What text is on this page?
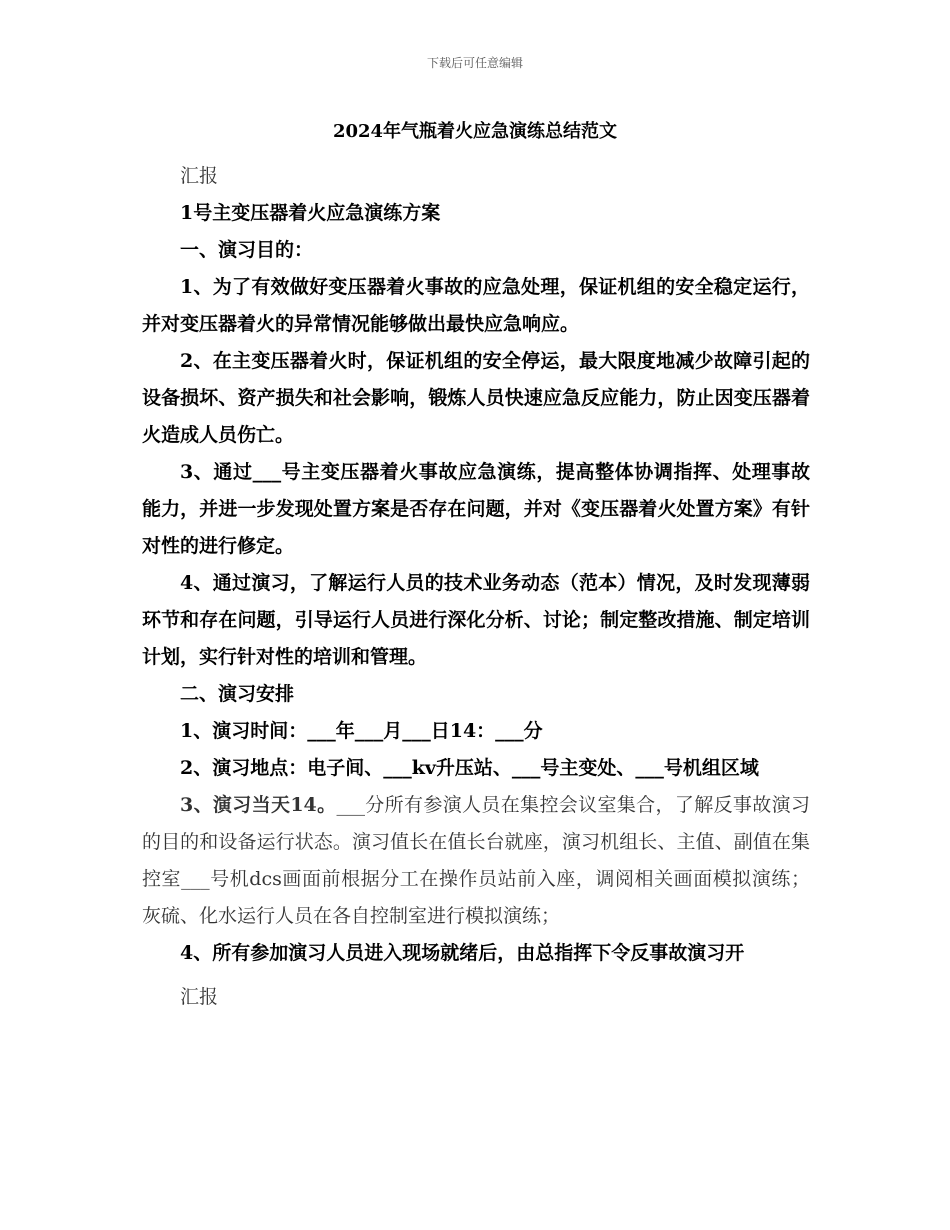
下载后可任意编辑
2024年气瓶着火应急演练总结范文

汇报

1号主变压器着火应急演练方案

一、演习目的：

1、为了有效做好变压器着火事故的应急处理，保证机组的安全稳定运行，并对变压器着火的异常情况能够做出最快应急响应。

2、在主变压器着火时，保证机组的安全停运，最大限度地减少故障引起的设备损坏、资产损失和社会影响，锻炼人员快速应急反应能力，防止因变压器着火造成人员伤亡。

3、通过___号主变压器着火事故应急演练，提高整体协调指挥、处理事故能力，并进一步发现处置方案是否存在问题，并对《变压器着火处置方案》有针对性的进行修定。

4、通过演习，了解运行人员的技术业务动态（范本）情况，及时发现薄弱环节和存在问题，引导运行人员进行深化分析、讨论；制定整改措施、制定培训计划，实行针对性的培训和管理。

二、演习安排

1、演习时间：___年___月___日14：___分

2、演习地点：电子间、___kv升压站、___号主变处、___号机组区域

3、演习当天14。___分所有参演人员在集控会议室集合，了解反事故演习的目的和设备运行状态。演习值长在值长台就座，演习机组长、主值、副值在集控室___号机dcs画面前根据分工在操作员站前入座，调阅相关画面模拟演练；灰硫、化水运行人员在各自控制室进行模拟演练；

4、所有参加演习人员进入现场就绪后，由总指挥下令反事故演习开

汇报
